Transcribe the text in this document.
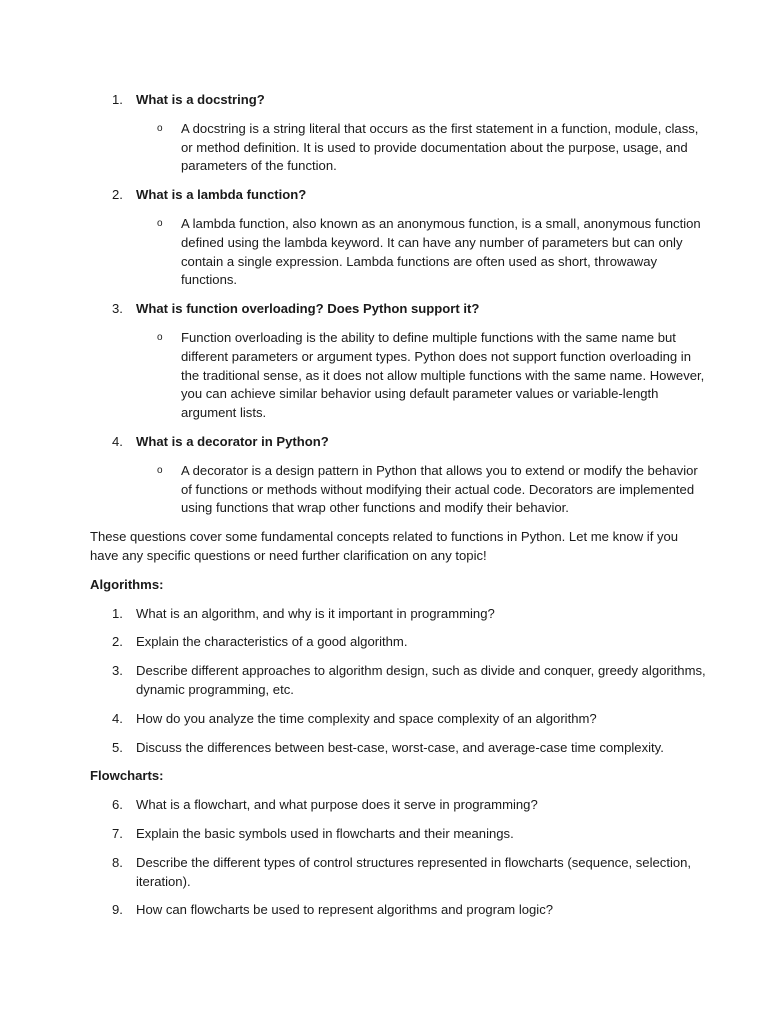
1. What is a docstring?
o A docstring is a string literal that occurs as the first statement in a function, module, class, or method definition. It is used to provide documentation about the purpose, usage, and parameters of the function.
2. What is a lambda function?
o A lambda function, also known as an anonymous function, is a small, anonymous function defined using the lambda keyword. It can have any number of parameters but can only contain a single expression. Lambda functions are often used as short, throwaway functions.
3. What is function overloading? Does Python support it?
o Function overloading is the ability to define multiple functions with the same name but different parameters or argument types. Python does not support function overloading in the traditional sense, as it does not allow multiple functions with the same name. However, you can achieve similar behavior using default parameter values or variable-length argument lists.
4. What is a decorator in Python?
o A decorator is a design pattern in Python that allows you to extend or modify the behavior of functions or methods without modifying their actual code. Decorators are implemented using functions that wrap other functions and modify their behavior.

These questions cover some fundamental concepts related to functions in Python. Let me know if you have any specific questions or need further clarification on any topic!

Algorithms:

1. What is an algorithm, and why is it important in programming?
2. Explain the characteristics of a good algorithm.
3. Describe different approaches to algorithm design, such as divide and conquer, greedy algorithms, dynamic programming, etc.
4. How do you analyze the time complexity and space complexity of an algorithm?
5. Discuss the differences between best-case, worst-case, and average-case time complexity.

Flowcharts:

6. What is a flowchart, and what purpose does it serve in programming?
7. Explain the basic symbols used in flowcharts and their meanings.
8. Describe the different types of control structures represented in flowcharts (sequence, selection, iteration).
9. How can flowcharts be used to represent algorithms and program logic?
